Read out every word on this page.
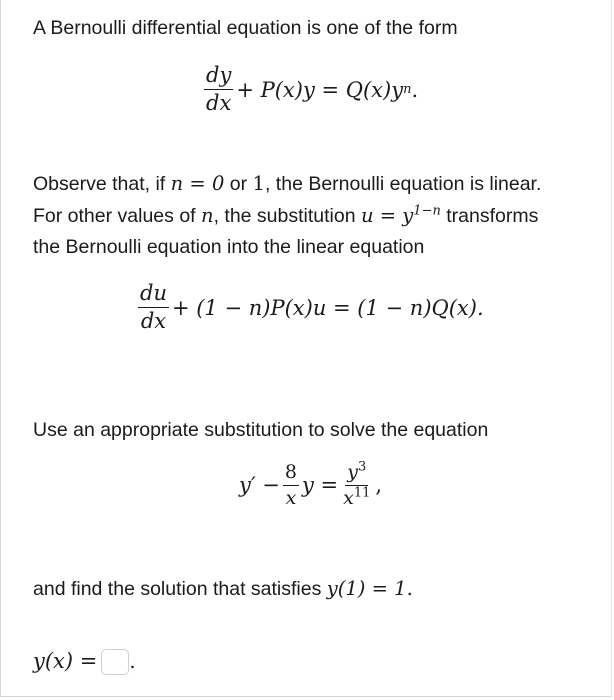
A Bernoulli differential equation is one of the form

$\frac{dy}{dx} + P(x)y = Q(x)y$ n .
Observe that, if n = 0 or 1, the Bernoulli equation is linear.
For other values of n, the substitution $u = y^{1-n}$ transforms
the Bernoulli equation into the linear equation
$\frac{du}{dx} + (1 - n)P(x)u = (1 - n)Q(x)$.

Use an appropriate substitution to solve the equation

$y' - \frac{8}{x}$ $y = \frac{y^3}{x^{11}}$ ,

and find the solution that satisfies y(1) = 1.

y(x) = .
